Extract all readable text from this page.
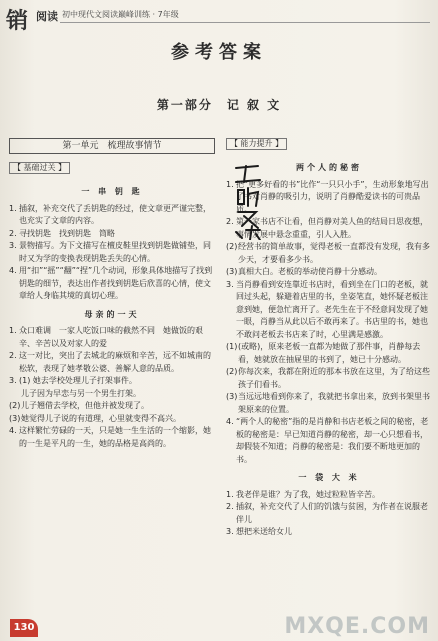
销 阅读 初中现代文阅读巅峰训练 · 7年级
参考答案
第一部分　记 叙 文
第一单元　梳理故事情节
【 基础过关 】
一 串 钥 匙
1. 插叙，补充交代了丢钥匙的经过，使文章更严谨完整，也充实了文章的内容。
2. 寻找钥匙　找到钥匙　筒略
3. 景物描写。为下文描写在檀皮鞋里找到钥匙做铺垫，同时又为学的变换表现钥匙丢失的心情。
4. 用“扣”“摇”“翻”“捏”几个动词，形象具体地描写了找到钥匙的细节，表达出作者找到钥匙后欣喜的心情，使文章给人身临其境的真切心理。
母亲的一天
1. 众口难调　一家人吃饭口味的截然不同　她做饭的艰辛、辛苦以及对家人的爱
2. 这一对比，突出了去城北的麻烦和辛苦，远不如城南的松软，表现了她孝敬公婆、善解人意的品质。
3. (1) 她去学校处理儿子打架事件。
儿子因为早恋与另一个男生打架。
(2) 儿子翘借去学校，但他并被发现了。
(3) 她觉得儿子说的有道理，心里就变得不高兴。
4. 这样繁忙劳碌的一天，只是她一生生活的一个缩影，她的一生是平凡的一生，她的品格是高尚的。
【 能力提升 】
两个人的秘密
1. 把“更多好看的书”比作“一只只小手”，生动形象地写出了书对肖静的吸引力，说明了肖静酷爱读书的可贵品质。
2. 第一家书店不让看，但肖静对美人鱼的结局日思夜想，事情发展中悬念重重，引人入胜。
(2) 经营书的简单故事，觉得老板一直都没有发现，我有多少天，才要看多少书。
(3) 真相大白。老板的举动使肖静十分感动。
3. 当肖静看到安连靠近书店时，看到坐在门口的老板，就回过头起，躲避着店里的书，坐姿笔直，她怀疑老板注意到她，便急忙离开了。老先生在于不经意间发现了她一眼，肖静当从此以后不敢再来了。书店里的书，她也不敢问老板去书店来了时，心里满是感激。
(1) (或略)，原来老板一直都为她做了那件事，肖静每去看，她就放在抽屉里的书到了，她已十分感动。
(2) 你每次来，我都在附近的那本书放在这里，为了给这些孩子们看书。
(3) 当远远地看到你来了，我就把书拿出来，放到书架里书架原来的位置。
4. “两个人的秘密”指的是肖静和书店老板之间的秘密，老板的秘密是：早已知道肖静的秘密，却一心只想看书，却假装不知道；肖静的秘密是：我们要不断地更加的书。
一 袋 大 米
1. 我老伴是谁？为了我，她过粒粒皆辛苦。
2. 插叙，补充交代了人们的饥饿与贫困，为作者在说服老伴儿
3. 想把米送给女儿
130	MXQE.COM
